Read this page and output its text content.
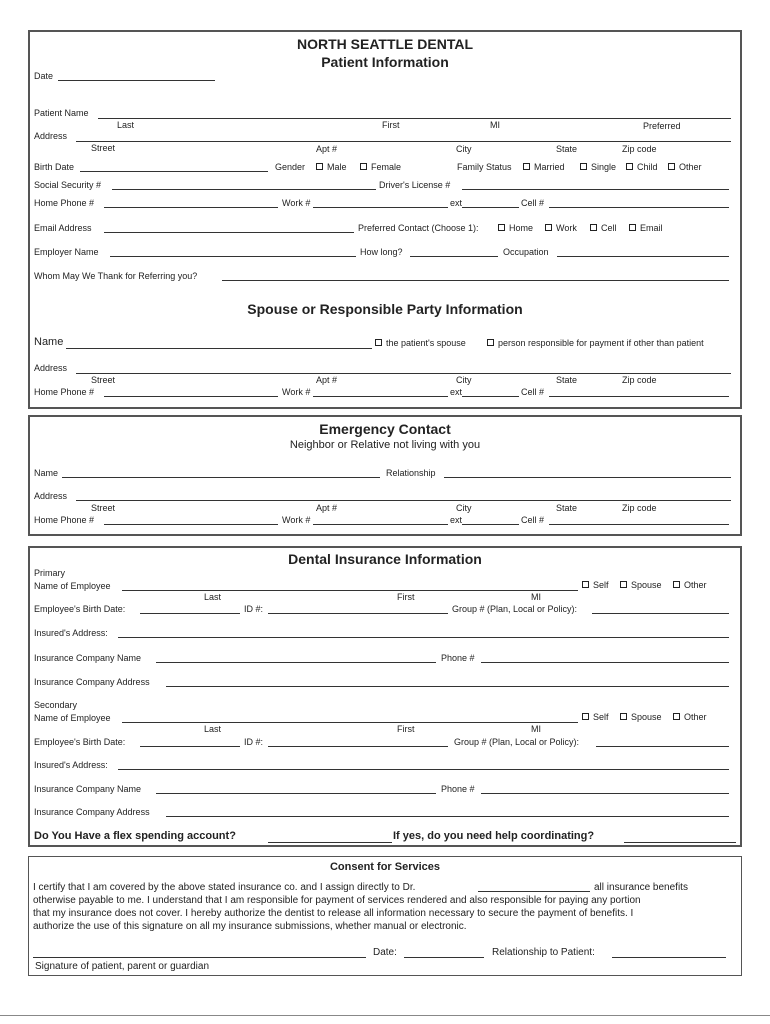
NORTH SEATTLE DENTAL
Patient Information
Date
Patient Name
Last	First	MI	Preferred
Address
Street	Apt #	City	State	Zip code
Birth Date	Gender Male	Female	Family Status Married	Single Child Other
Social Security #	Driver's License #
Home Phone #	Work #	ext	Cell #
Email Address	Preferred Contact (Choose 1):	Home	Work	Cell	Email
Employer Name	How long?	Occupation
Whom May We Thank for Referring you?
Spouse or Responsible Party Information
Name	the patient's spouse	person responsible for payment if other than patient
Address
Street	Apt #	City	State	Zip code
Home Phone #	Work #	ext	Cell #
Emergency Contact
Neighbor or Relative not living with you
Name	Relationship
Address
Street	Apt #	City	State	Zip code
Home Phone #	Work #	ext	Cell #
Dental Insurance Information
Primary
Name of Employee	Self Spouse Other
Last	First	MI
Employee's Birth Date:	ID #:	Group # (Plan, Local or Policy):
Insured's Address:
Insurance Company Name	Phone #
Insurance Company Address
Secondary
Name of Employee	Self Spouse Other
Last	First	MI
Employee's Birth Date:	ID #:	Group # (Plan, Local or Policy):
Insured's Address:
Insurance Company Name	Phone #
Insurance Company Address
Do You Have a flex spending account?	If yes, do you need help coordinating?
Consent for Services
I certify that I am covered by the above stated insurance co. and I assign directly to Dr.	all insurance benefits
otherwise payable to me. I understand that I am responsible for payment of services rendered and also responsible for paying any portion
that my insurance does not cover. I hereby authorize the dentist to release all information necessary to secure the payment of benefits. I
authorize the use of this signature on all my insurance submissions, whether manual or electronic.
Date:	Relationship to Patient:
Signature of patient, parent or guardian
